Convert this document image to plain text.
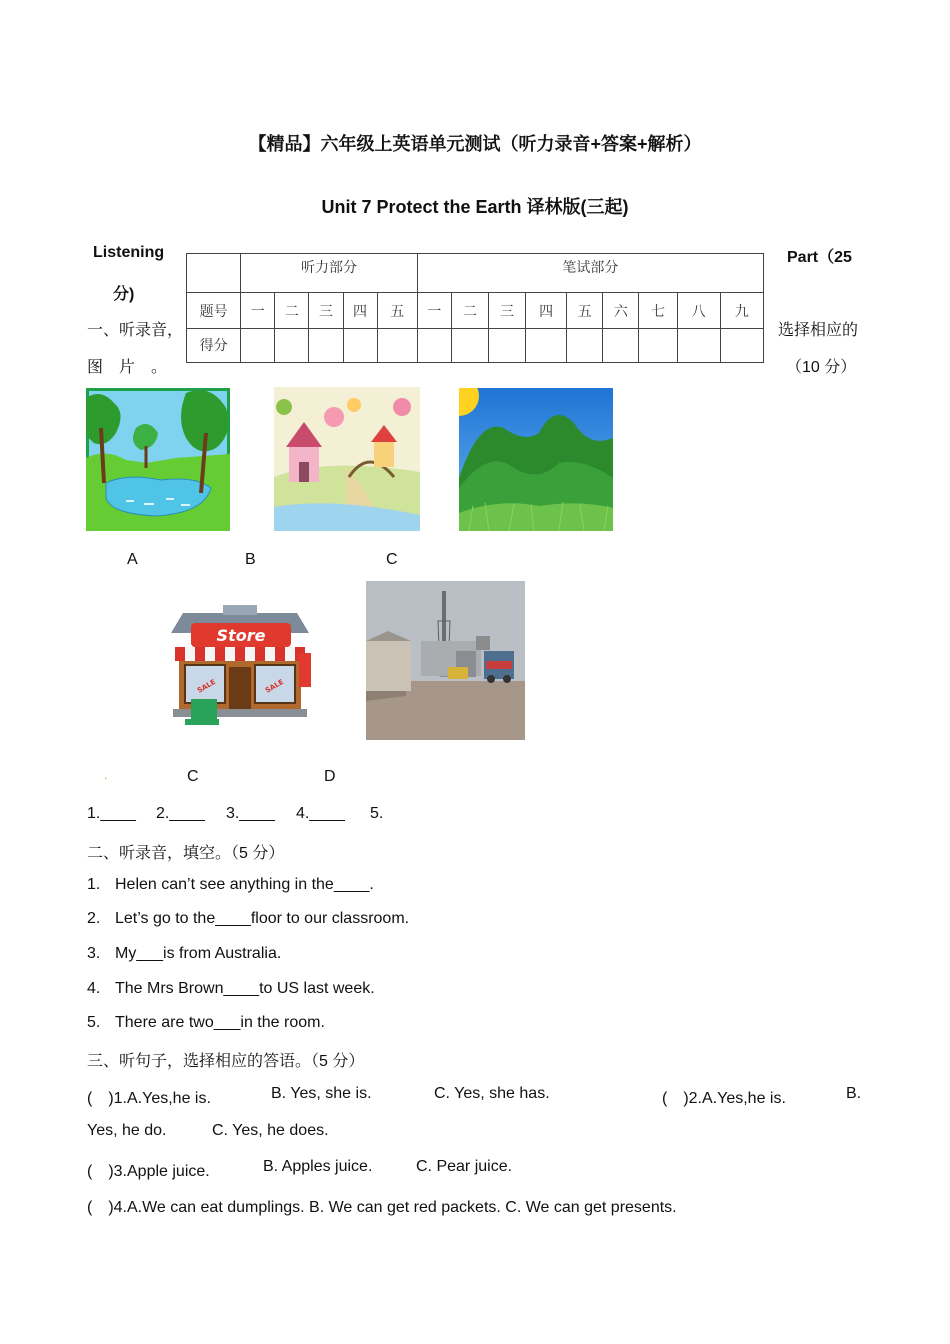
【精品】六年级上英语单元测试（听力录音+答案+解析）
Unit 7 Protect the Earth 译林版(三起)
Listening
分)
Part（25
一、听录音，	选择相应的
图　片　。	（10 分）
	听力部分					笔试部分								
题号	一	二	三	四	五	一	二	三	四	五	六	七	八	九
得分														
A	B	C
Store
SALE	SALE
.	C	D
1.____ 2.____ 3.____ 4.____ 5.
二、听录音，填空。（5 分）
1. Helen can’t see anything in the____.
2. Let’s go to the____floor to our classroom.
3. My___is from Australia.
4. The Mrs Brown____to US last week.
5. There are two___in the room.
三、听句子，选择相应的答语。（5 分）
(　)1.A.Yes,he is.	B. Yes, she is.	C. Yes, she has.	(　)2.A.Yes,he is.	B.
Yes, he do.	C. Yes, he does.
(　)3.Apple juice.	B. Apples juice.	C. Pear juice.
(　)4.A.We can eat dumplings. B. We can get red packets. C. We can get presents.
